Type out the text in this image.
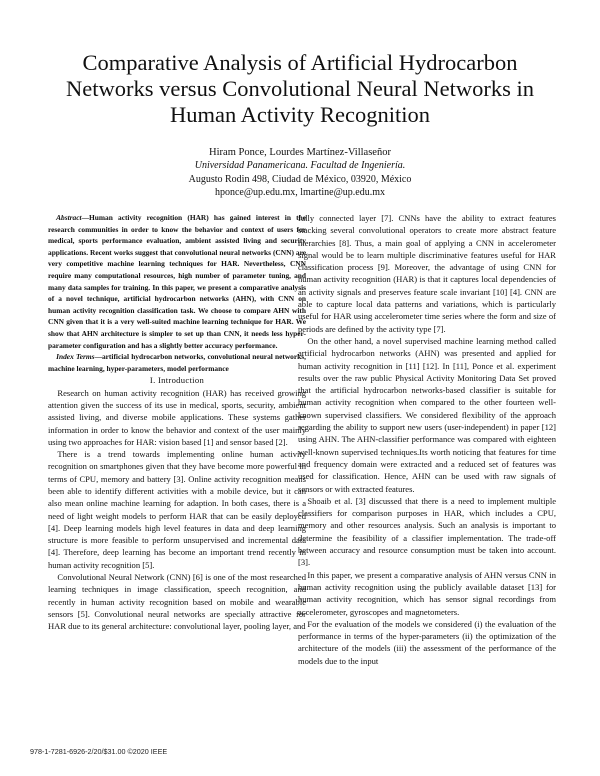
Comparative Analysis of Artificial Hydrocarbon Networks versus Convolutional Neural Networks in Human Activity Recognition
Hiram Ponce, Lourdes Martínez-Villaseñor
Universidad Panamericana. Facultad de Ingeniería.
Augusto Rodin 498, Ciudad de México, 03920, México
hponce@up.edu.mx, lmartine@up.edu.mx

Abstract—Human activity recognition (HAR) has gained interest in the research communities in order to know the behavior and context of users for medical, sports performance evaluation, ambient assisted living and security applications. Recent works suggest that convolutional neural networks (CNN) are very competitive machine learning techniques for HAR. Nevertheless, CNN require many computational resources, high number of parameter tuning, and many data samples for training. In this paper, we present a comparative analysis of a novel technique, artificial hydrocarbon networks (AHN), with CNN on human activity recognition classification task. We choose to compare AHN with CNN given that it is a very well-suited machine learning technique for HAR. We show that AHN architecture is simpler to set up than CNN, it needs less hyper-parameter configuration and has a slightly better accuracy performance.

Index Terms—artificial hydrocarbon networks, convolutional neural networks, machine learning, hyper-parameters, model performance

I. Introduction

Research on human activity recognition (HAR) has received growing attention given the success of its use in medical, sports, security, ambient assisted living, and diverse mobile applications. These systems gather information in order to know the behavior and context of the user mainly using two approaches for HAR: vision based [1] and sensor based [2].

There is a trend towards implementing online human activity recognition on smartphones given that they have become more powerful in terms of CPU, memory and battery [3]. Online activity recognition means been able to identify different activities with a mobile device, but it can also mean online machine learning for adaption. In both cases, there is a need of light weight models to perform HAR that can be easily deployed [4]. Deep learning models high level features in data and deep learning structure is more feasible to perform unsupervised and incremental data [4]. Therefore, deep learning has become an important trend recently in human activity recognition [5].

Convolutional Neural Network (CNN) [6] is one of the most researched learning techniques in image classification, speech recognition, and recently in human activity recognition based on mobile and wearable sensors [5]. Convolutional neural networks are specially attractive for HAR due to its general architecture: convolutional layer, pooling layer, and

fully connected layer [7]. CNNs have the ability to extract features stacking several convolutional operators to create more abstract feature hierarchies [8]. Thus, a main goal of applying a CNN in accelerometer signal would be to learn multiple discriminative features useful for HAR classification process [9]. Moreover, the advantage of using CNN for human activity recognition (HAR) is that it captures local dependencies of an activity signals and preserves feature scale invariant [10] [4]. CNN are able to capture local data patterns and variations, which is particularly useful for HAR using accelerometer time series where the form and size of periods are defined by the activity type [7].

On the other hand, a novel supervised machine learning method called artificial hydrocarbon networks (AHN) was presented and applied for human activity recognition in [11] [12]. In [11], Ponce et al. experiment results over the raw public Physical Activity Monitoring Data Set proved that the artificial hydrocarbon networks-based classifier is suitable for human activity recognition when compared to the other fourteen well-known supervised classifiers. We considered flexibility of the approach regarding the ability to support new users (user-independent) in paper [12] using AHN. The AHN-classifier performance was compared with eighteen well-known supervised techniques.Its worth noticing that features for time and frequency domain were extracted and a reduced set of features was used for classification. Hence, AHN can be used with raw signals of sensors or with extracted features.

Shoaib et al. [3] discussed that there is a need to implement multiple classifiers for comparison purposes in HAR, which includes a CPU, memory and other resources analysis. Such an analysis is important to determine the feasibility of a classifier implementation. The trade-off between accuracy and resource consumption must be taken into account. [3].

In this paper, we present a comparative analysis of AHN versus CNN in human activity recognition using the publicly available dataset [13] for human activity recognition, which has sensor signal recordings from accelerometer, gyroscopes and magnetometers.

For the evaluation of the models we considered (i) the evaluation of the performance in terms of the hyper-parameters (ii) the optimization of the architecture of the models (iii) the assessment of the performance of the models due to the input

978-1-7281-6926-2/20/$31.00 ©2020 IEEE
